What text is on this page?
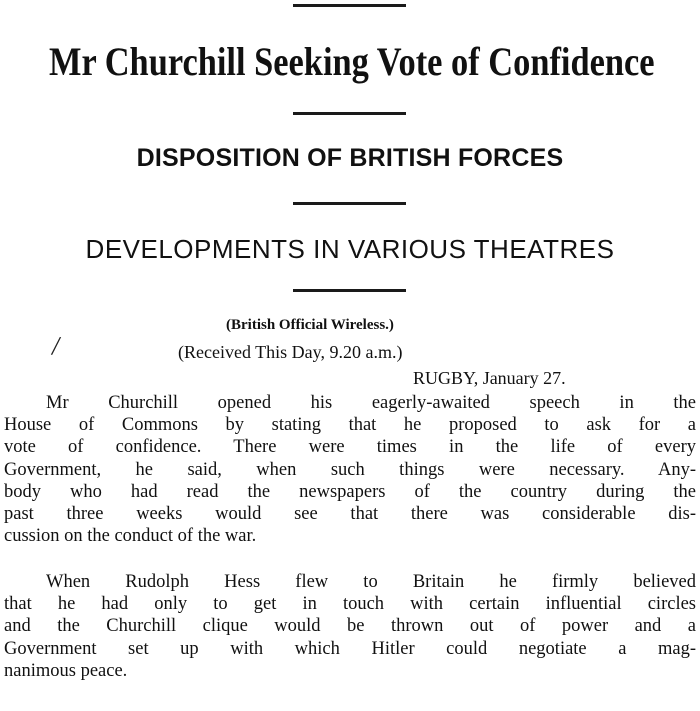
Mr Churchill Seeking Vote of Confidence
DISPOSITION OF BRITISH FORCES
DEVELOPMENTS IN VARIOUS THEATRES
(British Official Wireless.)
/	(Received This Day, 9.20 a.m.)
RUGBY, January 27.
Mr Churchill opened his eagerly-awaited speech in the
House of Commons by stating that he proposed to ask for a
vote of confidence. There were times in the life of every
Government, he said, when such things were necessary. Any-
body who had read the newspapers of the country during the
past three weeks would see that there was considerable dis-
cussion on the conduct of the war.
When Rudolph Hess flew to Britain he firmly believed
that he had only to get in touch with certain influential circles
and the Churchill clique would be thrown out of power and a
Government set up with which Hitler could negotiate a mag-
nanimous peace.
